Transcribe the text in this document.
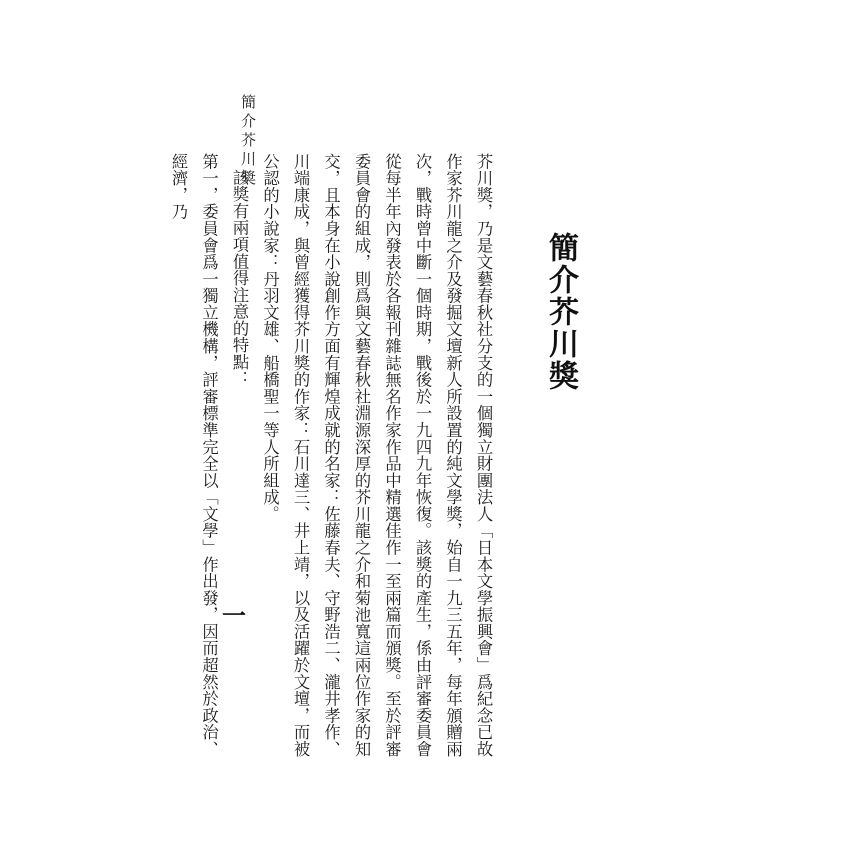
簡介芥川獎
簡介芥川獎

芥川獎，乃是文藝春秋社分支的一個獨立財團法人「日本文學振興會」爲紀念已故作家芥川龍之介及發掘文壇新人所設置的純文學獎，始自一九三五年，每年頒贈兩次，戰時曾中斷一個時期，戰後於一九四九年恢復。該獎的產生，係由評審委員會從每半年內發表於各報刊雜誌無名作家作品中精選佳作一至兩篇而頒獎。至於評審委員會的組成，則爲與文藝春秋社淵源深厚的芥川龍之介和菊池寬這兩位作家的知交，且本身在小說創作方面有輝煌成就的名家：佐藤春夫、守野浩二、瀧井孝作、川端康成，與曾經獲得芥川獎的作家：石川達三、井上靖，以及活躍於文壇，而被公認的小說家：丹羽文雄、船橋聖一等人所組成。

該獎有兩項值得注意的特點：

第一，委員會爲一獨立機構，評審標準完全以「文學」作出發，因而超然於政治、經濟，乃

一
